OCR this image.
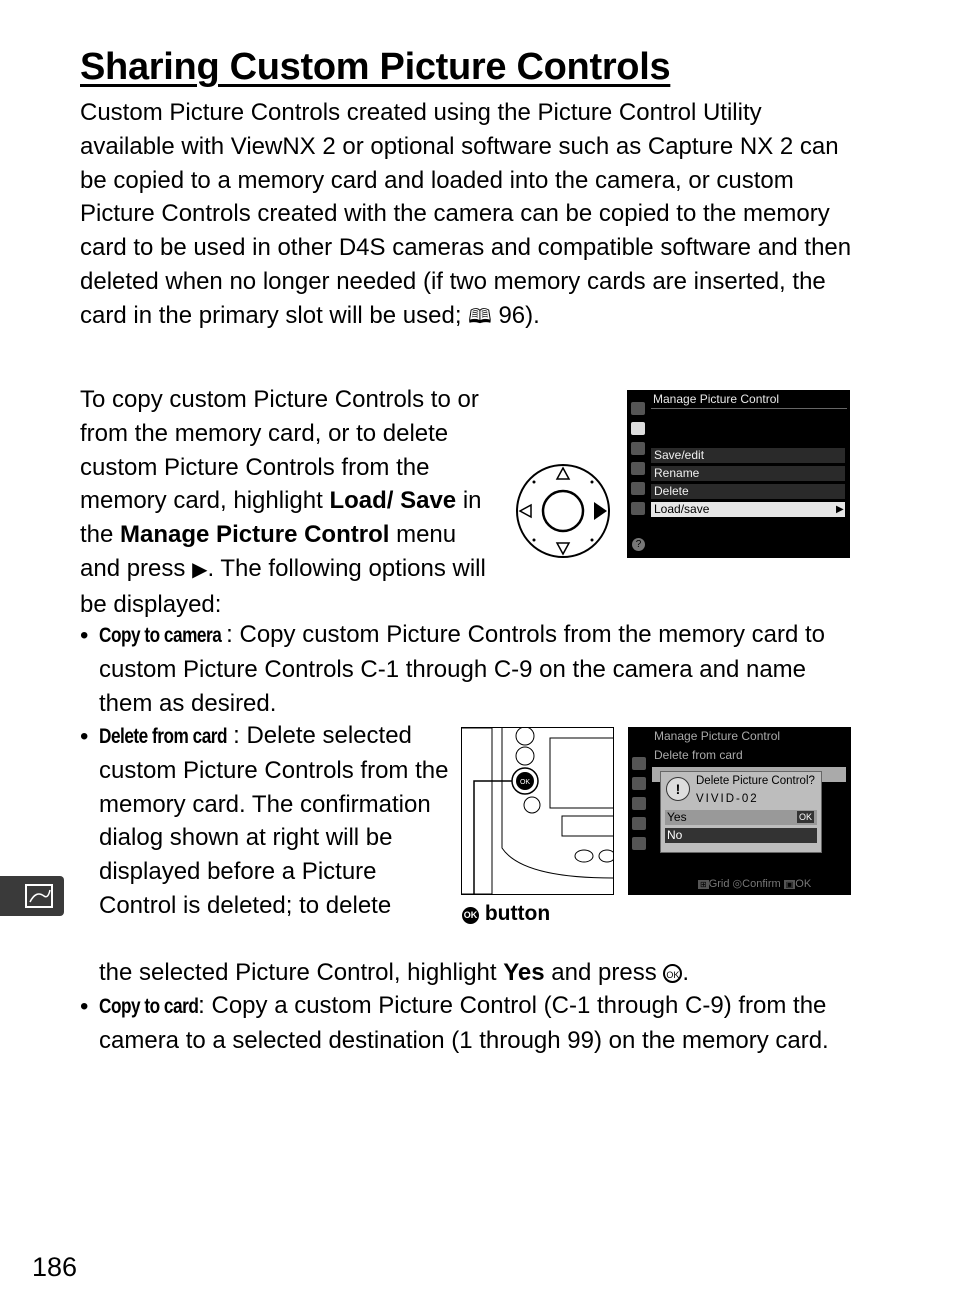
Sharing Custom Picture Controls

Custom Picture Controls created using the Picture Control Utility available with ViewNX 2 or optional software such as Capture NX 2 can be copied to a memory card and loaded into the camera, or custom Picture Controls created with the camera can be copied to the memory card to be used in other D4S cameras and compatible software and then deleted when no longer needed (if two memory cards are inserted, the card in the primary slot will be used; 🕮 96).

To copy custom Picture Controls to or from the memory card, or to delete custom Picture Controls from the memory card, highlight Load/ Save in the Manage Picture Control menu and press ▶. The following options will be displayed:

Manage Picture Control
Save/edit
Rename
Delete
Load/save	▶
?
OK
OK button
Manage Picture Control
Delete from card
!	Delete Picture Control?
VIVID-02
Yes	OK
No
⊞ Grid ◎Confirm ▣ OK
• Copy to camera : Copy custom Picture Controls from the memory card to custom Picture Controls C-1 through C-9 on the camera and name them as desired.

• Delete from card : Delete selected custom Picture Controls from the memory card. The confirmation dialog shown at right will be displayed before a Picture Control is deleted; to delete

the selected Picture Control, highlight Yes and press OK .

• Copy to card: Copy a custom Picture Control (C-1 through C-9) from the camera to a selected destination (1 through 99) on the memory card.

186
